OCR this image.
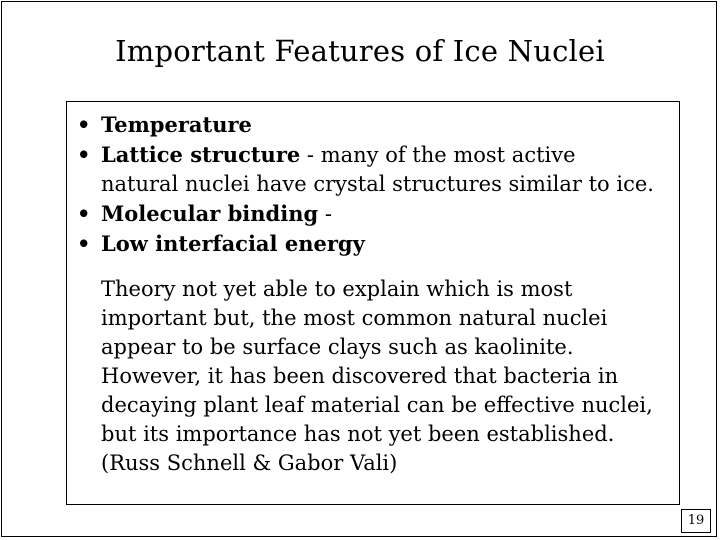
Important Features of Ice Nuclei
• Temperature
• Lattice structure - many of the most active
natural nuclei have crystal structures similar to ice.
• Molecular binding -
• Low interfacial energy
Theory not yet able to explain which is most
important but, the most common natural nuclei
appear to be surface clays such as kaolinite.
However, it has been discovered that bacteria in
decaying plant leaf material can be effective nuclei,
but its importance has not yet been established.
(Russ Schnell & Gabor Vali)
19
